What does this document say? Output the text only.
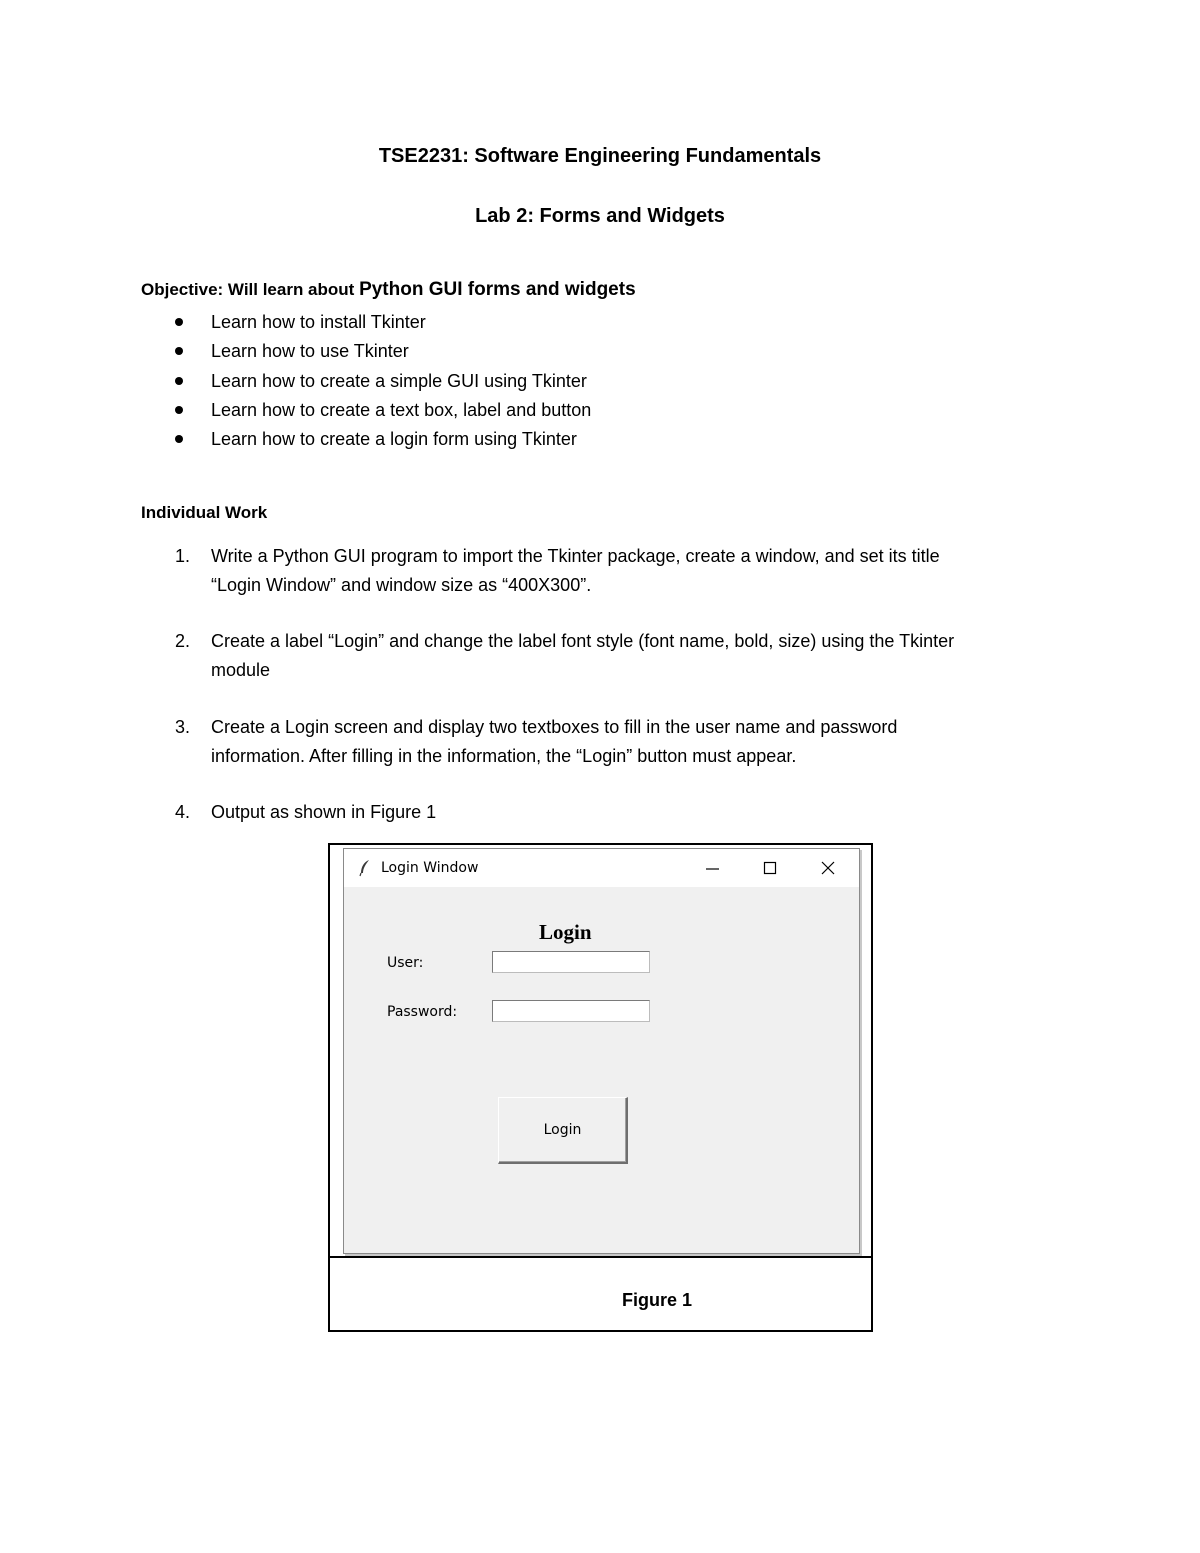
TSE2231: Software Engineering Fundamentals
Lab 2: Forms and Widgets
Objective: Will learn about Python GUI forms and widgets
Learn how to install Tkinter
Learn how to use Tkinter
Learn how to create a simple GUI using Tkinter
Learn how to create a text box, label and button
Learn how to create a login form using Tkinter
Individual Work
1. Write a Python GUI program to import the Tkinter package, create a window, and set its title
“Login Window” and window size as “400X300”.
2. Create a label “Login” and change the label font style (font name, bold, size) using the Tkinter
module
3. Create a Login screen and display two textboxes to fill in the user name and password
information. After filling in the information, the “Login” button must appear.
4. Output as shown in Figure 1
Login Window
Login
User:
Password:
Login
Figure 1
